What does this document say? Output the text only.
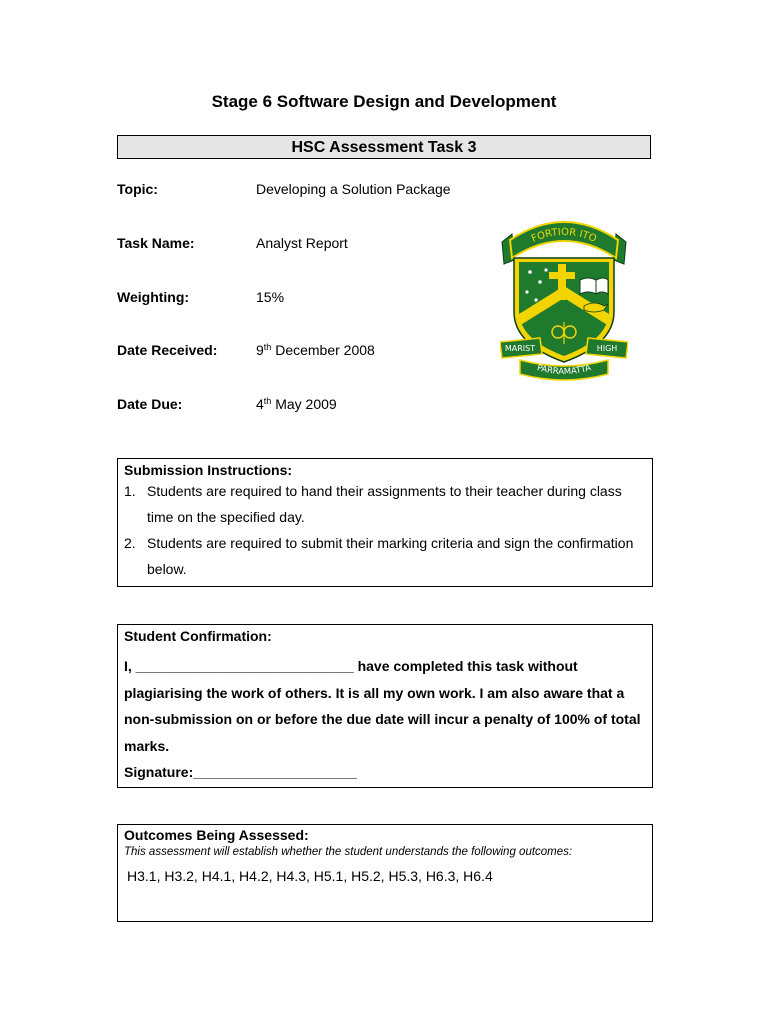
Stage 6 Software Design and Development
HSC Assessment Task 3
Topic:	Developing a Solution Package
Task Name:	Analyst Report
Weighting:	15%
Date Received:	9th December 2008
Date Due:	4th May 2009
FORTIOR ITO
MARIST	HIGH
PARRAMATTA
Submission Instructions:
1. Students are required to hand their assignments to their teacher during class time on the specified day.
2. Students are required to submit their marking criteria and sign the confirmation below.
Student Confirmation:
I, ____________________________ have completed this task without plagiarising the work of others. It is all my own work. I am also aware that a non-submission on or before the due date will incur a penalty of 100% of total marks.
Signature:_____________________
Outcomes Being Assessed:
This assessment will establish whether the student understands the following outcomes:
H3.1, H3.2, H4.1, H4.2, H4.3, H5.1, H5.2, H5.3, H6.3, H6.4
